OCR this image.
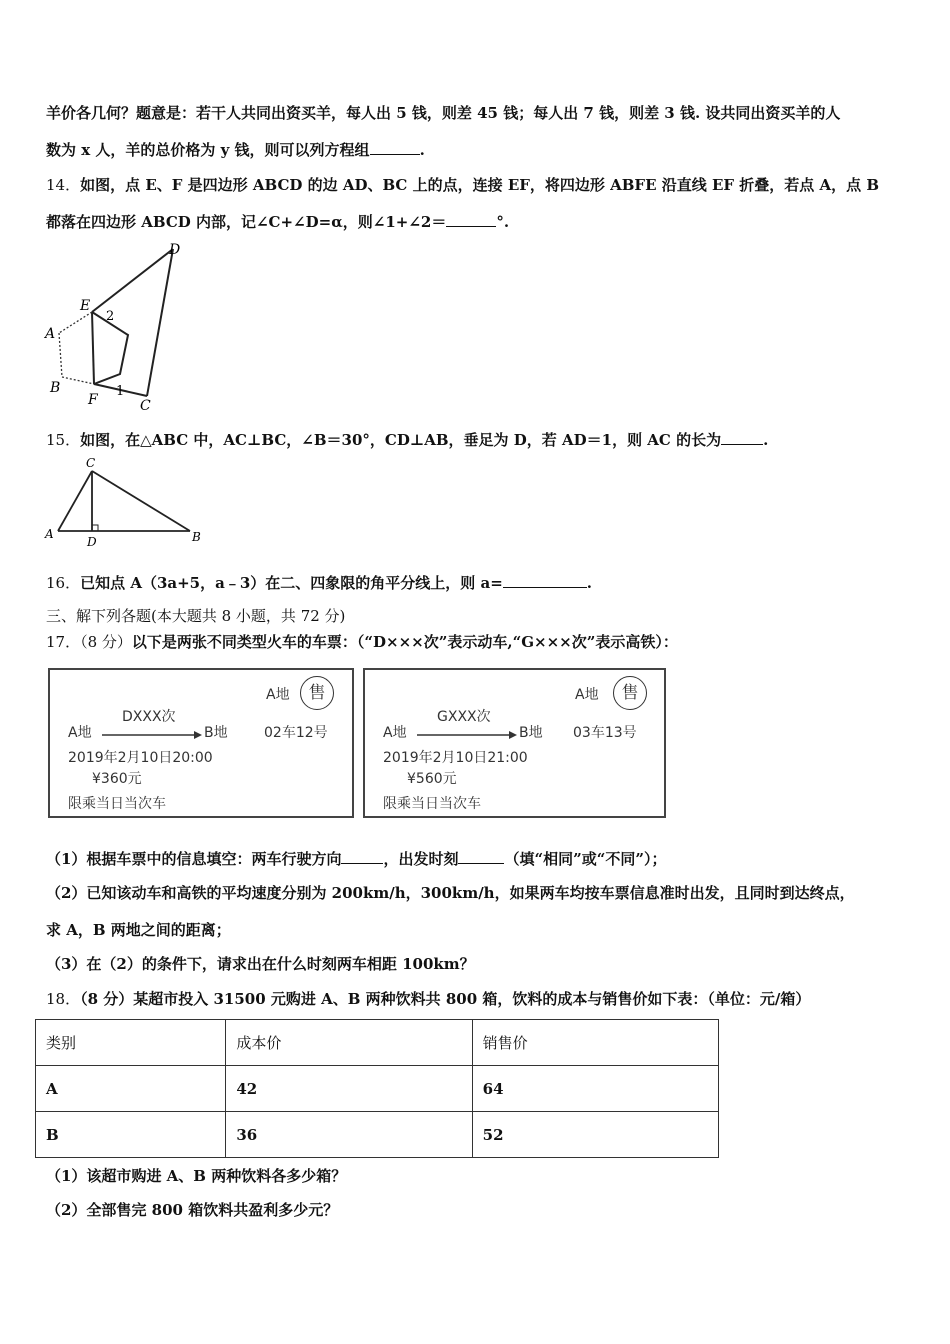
羊价各几何？题意是：若干人共同出资买羊，每人出 5 钱，则差 45 钱；每人出 7 钱，则差 3 钱. 设共同出资买羊的人
数为 x 人，羊的总价格为 y 钱，则可以列方程组	.
14．如图，点 E、F 是四边形 ABCD 的边 AD、BC 上的点，连接 EF，将四边形 ABFE 沿直线 EF 折叠，若点 A，点 B
都落在四边形 ABCD 内部，记∠C+∠D=α，则∠1+∠2＝	°.
D
E
2
A
B
F
1
C
15．如图，在△ABC 中，AC⊥BC，∠B＝30°，CD⊥AB，垂足为 D，若 AD＝1，则 AC 的长为	.
C
A
D	B
16．已知点 A（3a+5，a﹣3）在二、四象限的角平分线上，则 a=	.
三、解下列各题(本大题共 8 小题，共 72 分)
17．（8 分）以下是两张不同类型火车的车票：（“D×××次”表示动车,“G×××次”表示高铁）：
A地	售
DXXX次
A地	B地	02车12号
2019年2月10日20:00
¥360元
限乘当日当次车
A地	售
GXXX次
A地	B地 03车13号
2019年2月10日21:00
¥560元
限乘当日当次车
（1）根据车票中的信息填空：两车行驶方向	，出发时刻	（填“相同”或“不同”）；
（2）已知该动车和高铁的平均速度分别为 200km/h，300km/h，如果两车均按车票信息准时出发，且同时到达终点，
求 A，B 两地之间的距离；
（3）在（2）的条件下，请求出在什么时刻两车相距 100km？
18．（8 分）某超市投入 31500 元购进 A、B 两种饮料共 800 箱，饮料的成本与销售价如下表：（单位：元/箱）
类别	成本价	销售价
A	42	64
B	36	52
（1）该超市购进 A、B 两种饮料各多少箱？
（2）全部售完 800 箱饮料共盈利多少元？
